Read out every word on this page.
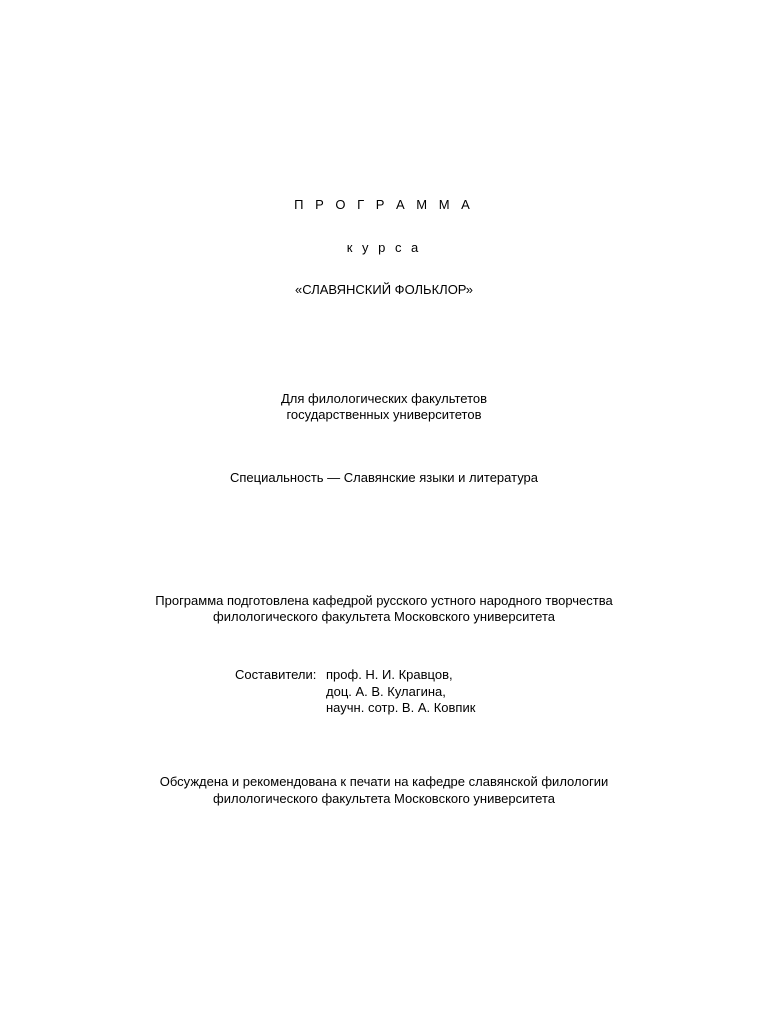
П Р О Г Р А М М А
к у р с а
«СЛАВЯНСКИЙ ФОЛЬКЛОР»
Для филологических факультетов
государственных университетов
Специальность — Славянские языки и литература
Программа подготовлена кафедрой русского устного народного творчества
филологического факультета Московского университета
Составители: проф. Н. И. Кравцов,
доц. А. В. Кулагина,
научн. сотр. В. А. Ковпик
Обсуждена и рекомендована к печати на кафедре славянской филологии
филологического факультета Московского университета
